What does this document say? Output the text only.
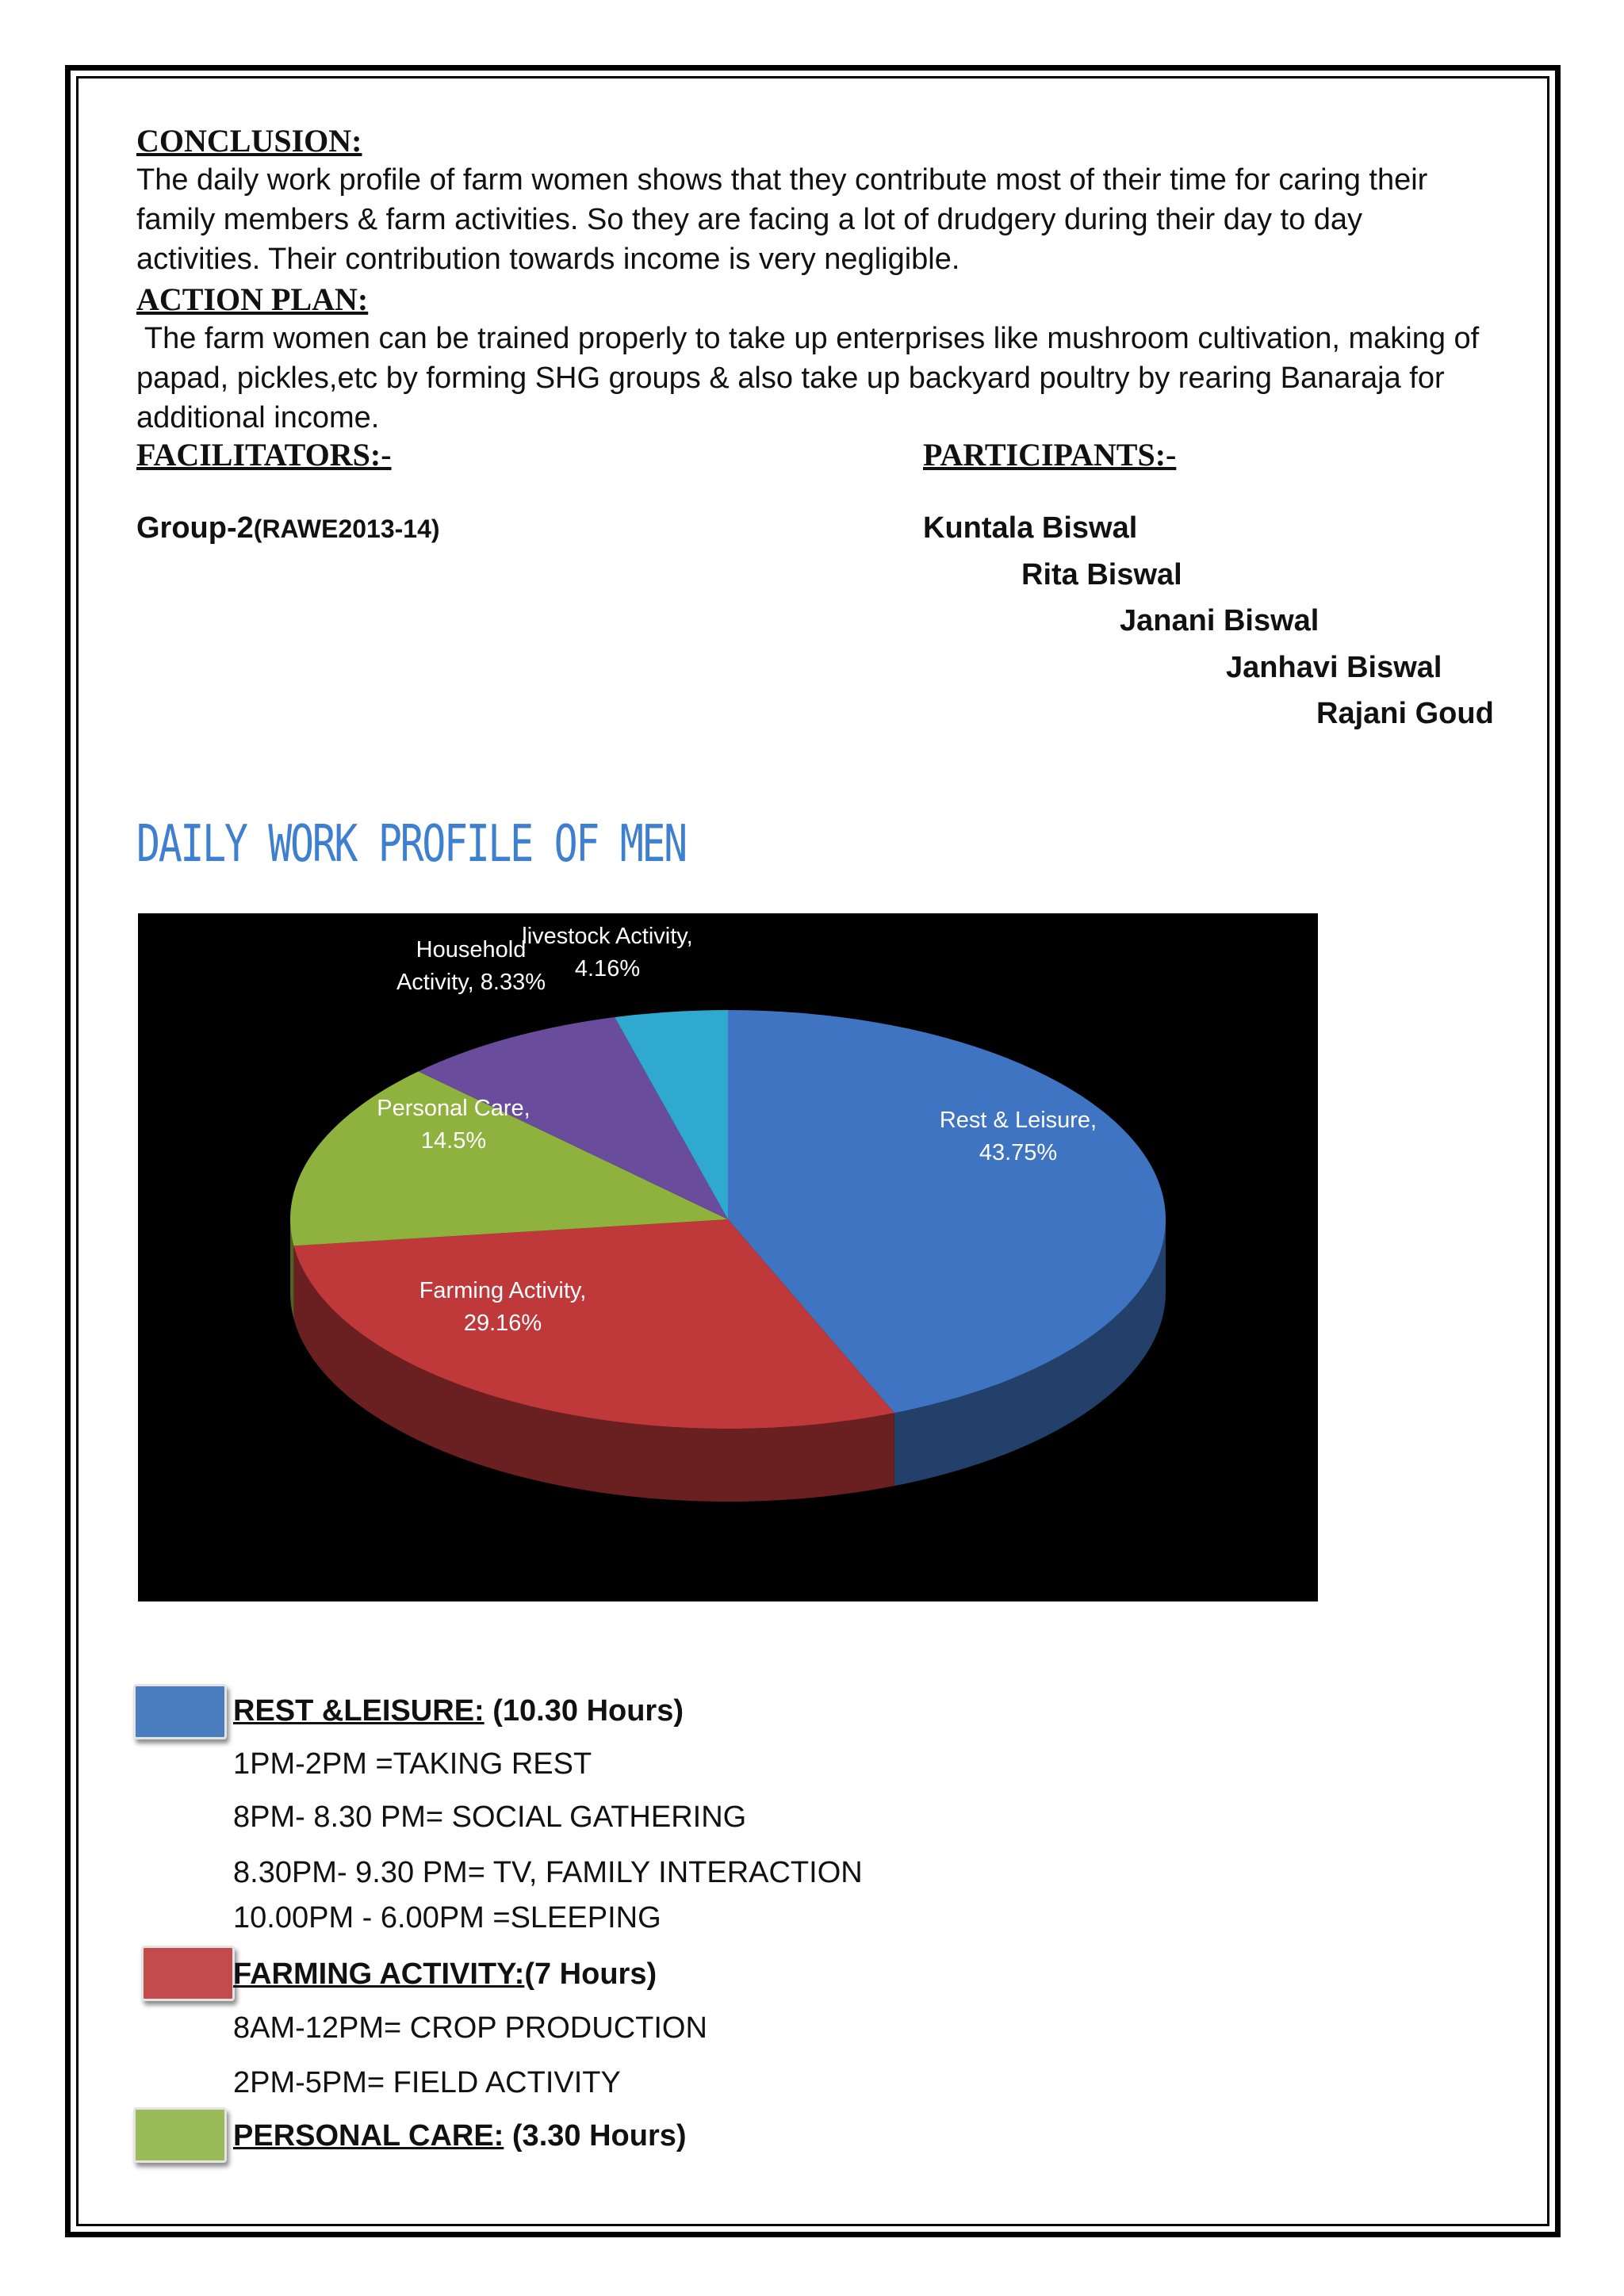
CONCLUSION:
The daily work profile of farm women shows that they contribute most of their time for caring their
family members & farm activities. So they are facing a lot of drudgery during their day to day
activities. Their contribution towards income is very negligible.
ACTION PLAN:
The farm women can be trained properly to take up enterprises like mushroom cultivation, making of
papad, pickles,etc by forming SHG groups & also take up backyard poultry by rearing Banaraja for
additional income.
FACILITATORS:-	PARTICIPANTS:-
Group-2(RAWE2013-14)	Kuntala Biswal
Rita Biswal
Janani Biswal
Janhavi Biswal
Rajani Goud
DAILY WORK PROFILE OF MEN
Rest & Leisure, 43.75%
Farming Activity, 29.16%
Personal Care, 14.5%
Household Activity, 8.33%
livestock Activity, 4.16%
REST &LEISURE: (10.30 Hours)
1PM-2PM =TAKING REST
8PM- 8.30 PM= SOCIAL GATHERING
8.30PM- 9.30 PM= TV, FAMILY INTERACTION
10.00PM - 6.00PM =SLEEPING
FARMING ACTIVITY:(7 Hours)
8AM-12PM= CROP PRODUCTION
2PM-5PM= FIELD ACTIVITY
PERSONAL CARE: (3.30 Hours)
